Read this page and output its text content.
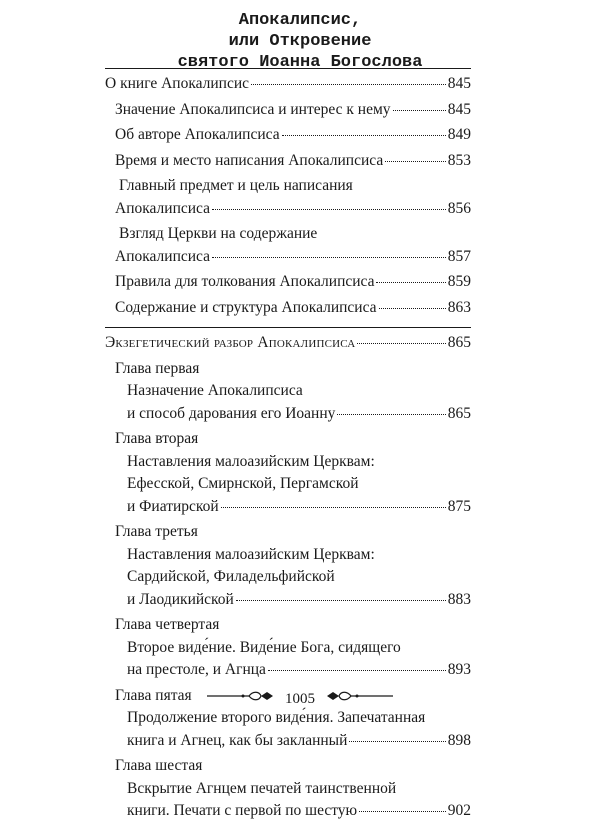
Апокалипсис,
или Откровение
святого Иоанна Богослова
О книге Апокалипсис	845
Значение Апокалипсиса и интерес к нему	845
Об авторе Апокалипсиса	849
Время и место написания Апокалипсиса	853
Главный предмет и цель написания
Апокалипсиса	856
Взгляд Церкви на содержание
Апокалипсиса	857
Правила для толкования Апокалипсиса	859
Содержание и структура Апокалипсиса	863
Экзегетический разбор Апокалипсиса	865
Глава первая
Назначение Апокалипсиса
и способ дарования его Иоанну	865
Глава вторая
Наставления малоазийским Церквам:
Ефесской, Смирнской, Пергамской
и Фиатирской	875
Глава третья
Наставления малоазийским Церквам:
Сардийской, Филадельфийской
и Лаодикийской	883
Глава четвертая
Второе виде́ние. Виде́ние Бога, сидящего
на престоле, и Агнца	893
Глава пятая
Продолжение второго виде́ния. Запечатанная
книга и Агнец, как бы закланный	898
Глава шестая
Вскрытие Агнцем печатей таинственной
книги. Печати с первой по шестую	902
1005
